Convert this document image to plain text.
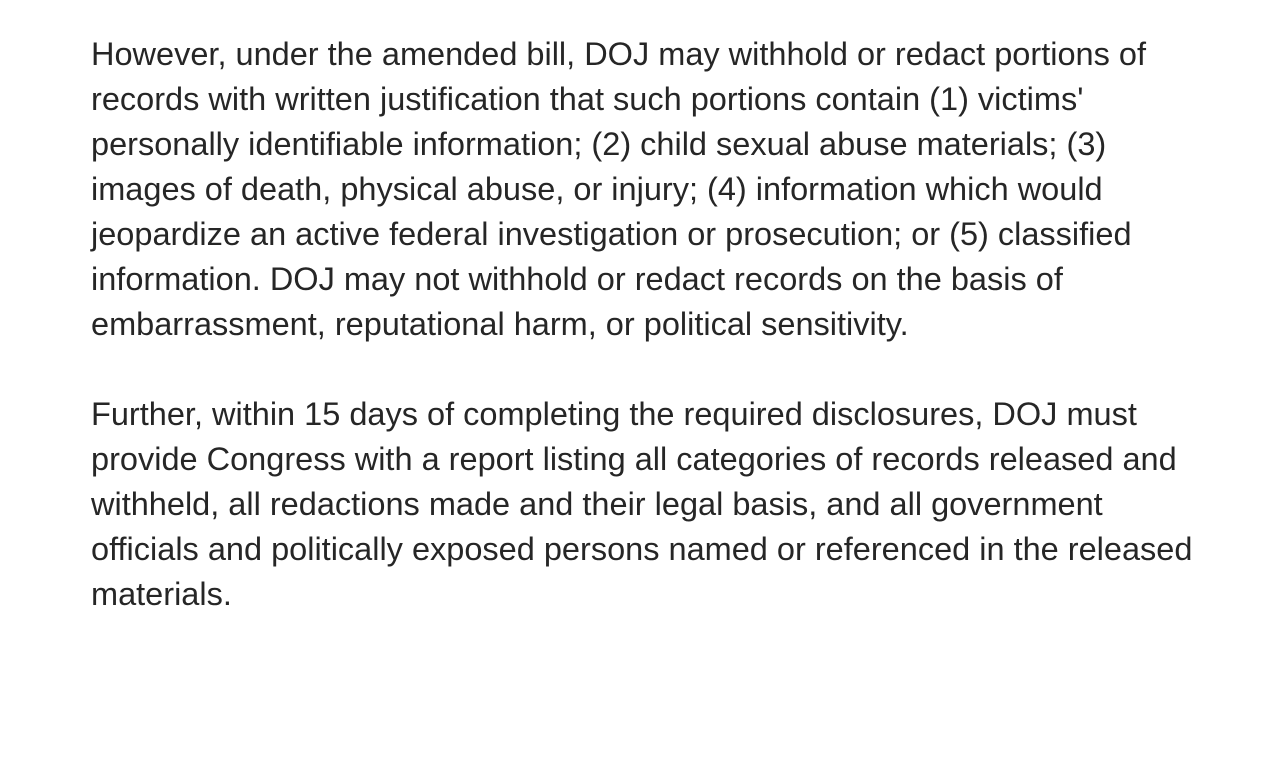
However, under the amended bill, DOJ may withhold or redact portions of records with written justification that such portions contain (1) victims' personally identifiable information; (2) child sexual abuse materials; (3) images of death, physical abuse, or injury; (4) information which would jeopardize an active federal investigation or prosecution; or (5) classified information. DOJ may not withhold or redact records on the basis of embarrassment, reputational harm, or political sensitivity.

Further, within 15 days of completing the required disclosures, DOJ must provide Congress with a report listing all categories of records released and withheld, all redactions made and their legal basis, and all government officials and politically exposed persons named or referenced in the released materials.
